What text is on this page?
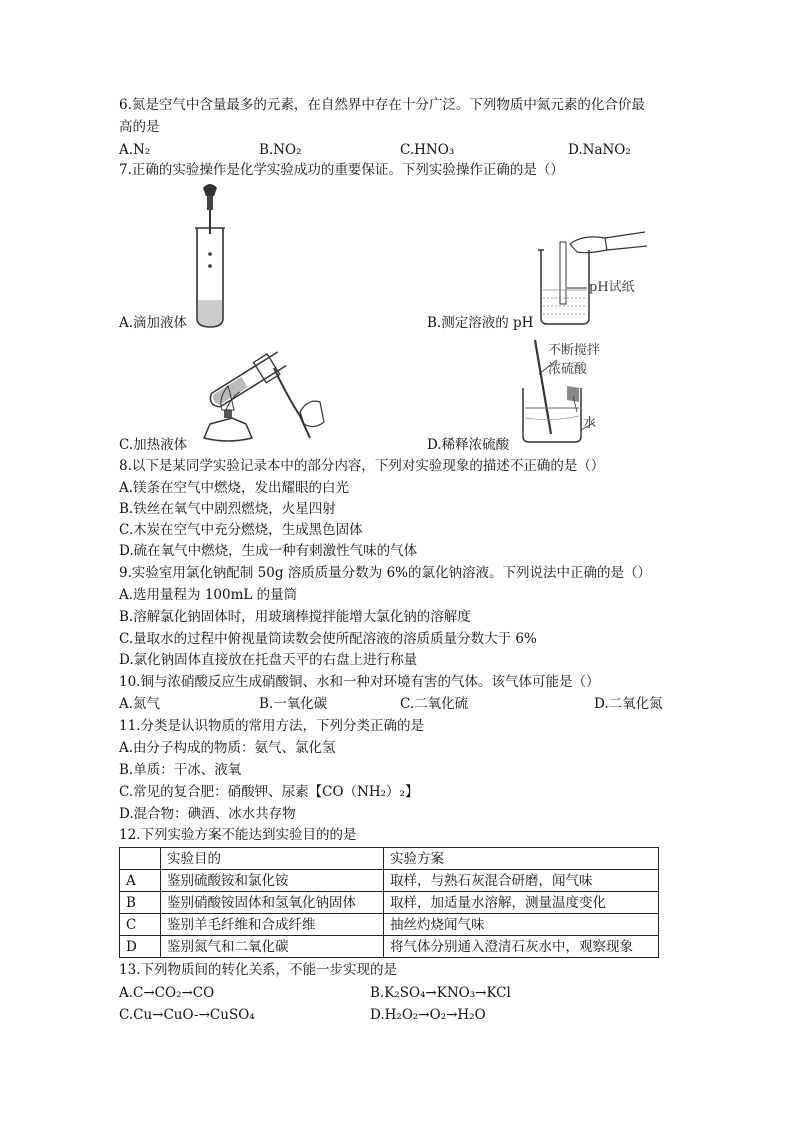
6.氮是空气中含量最多的元素，在自然界中存在十分广泛。下列物质中氮元素的化合价最
高的是
A.N₂	B.NO₂	C.HNO₃	D.NaNO₂
7.正确的实验操作是化学实验成功的重要保证。下列实验操作正确的是（）
A.滴加液体
pH试纸
B.测定溶液的 pH
C.加热液体
不断搅拌
浓硫酸
水
D.稀释浓硫酸
8.以下是某同学实验记录本中的部分内容，下列对实验现象的描述不正确的是（）
A.镁条在空气中燃烧，发出耀眼的白光
B.铁丝在氧气中剧烈燃烧，火星四射
C.木炭在空气中充分燃烧，生成黑色固体
D.硫在氧气中燃烧，生成一种有刺激性气味的气体
9.实验室用氯化钠配制 50g 溶质质量分数为 6%的氯化钠溶液。下列说法中正确的是（）
A.选用量程为 100mL 的量筒
B.溶解氯化钠固体时，用玻璃棒搅拌能增大氯化钠的溶解度
C.量取水的过程中俯视量筒读数会使所配溶液的溶质质量分数大于 6%
D.氯化钠固体直接放在托盘天平的右盘上进行称量
10.铜与浓硝酸反应生成硝酸铜、水和一种对环境有害的气体。该气体可能是（）
A.氮气	B.一氧化碳	C.二氧化硫	D.二氧化氮
11.分类是认识物质的常用方法，下列分类正确的是
A.由分子构成的物质：氨气、氯化氢
B.单质：干冰、液氧
C.常见的复合肥：硝酸钾、尿素【CO（NH₂）₂】
D.混合物：碘酒、冰水共存物
12.下列实验方案不能达到实验目的的是
	实验目的	实验方案
A	鉴别硫酸铵和氯化铵	取样，与熟石灰混合研磨，闻气味
B	鉴别硝酸铵固体和氢氧化钠固体	取样，加适量水溶解，测量温度变化
C	鉴别羊毛纤维和合成纤维	抽丝灼烧闻气味
D	鉴别氮气和二氧化碳	将气体分别通入澄清石灰水中，观察现象
13.下列物质间的转化关系，不能一步实现的是
A.C→CO₂→CO	B.K₂SO₄→KNO₃→KCl
C.Cu→CuO-→CuSO₄	D.H₂O₂→O₂→H₂O
